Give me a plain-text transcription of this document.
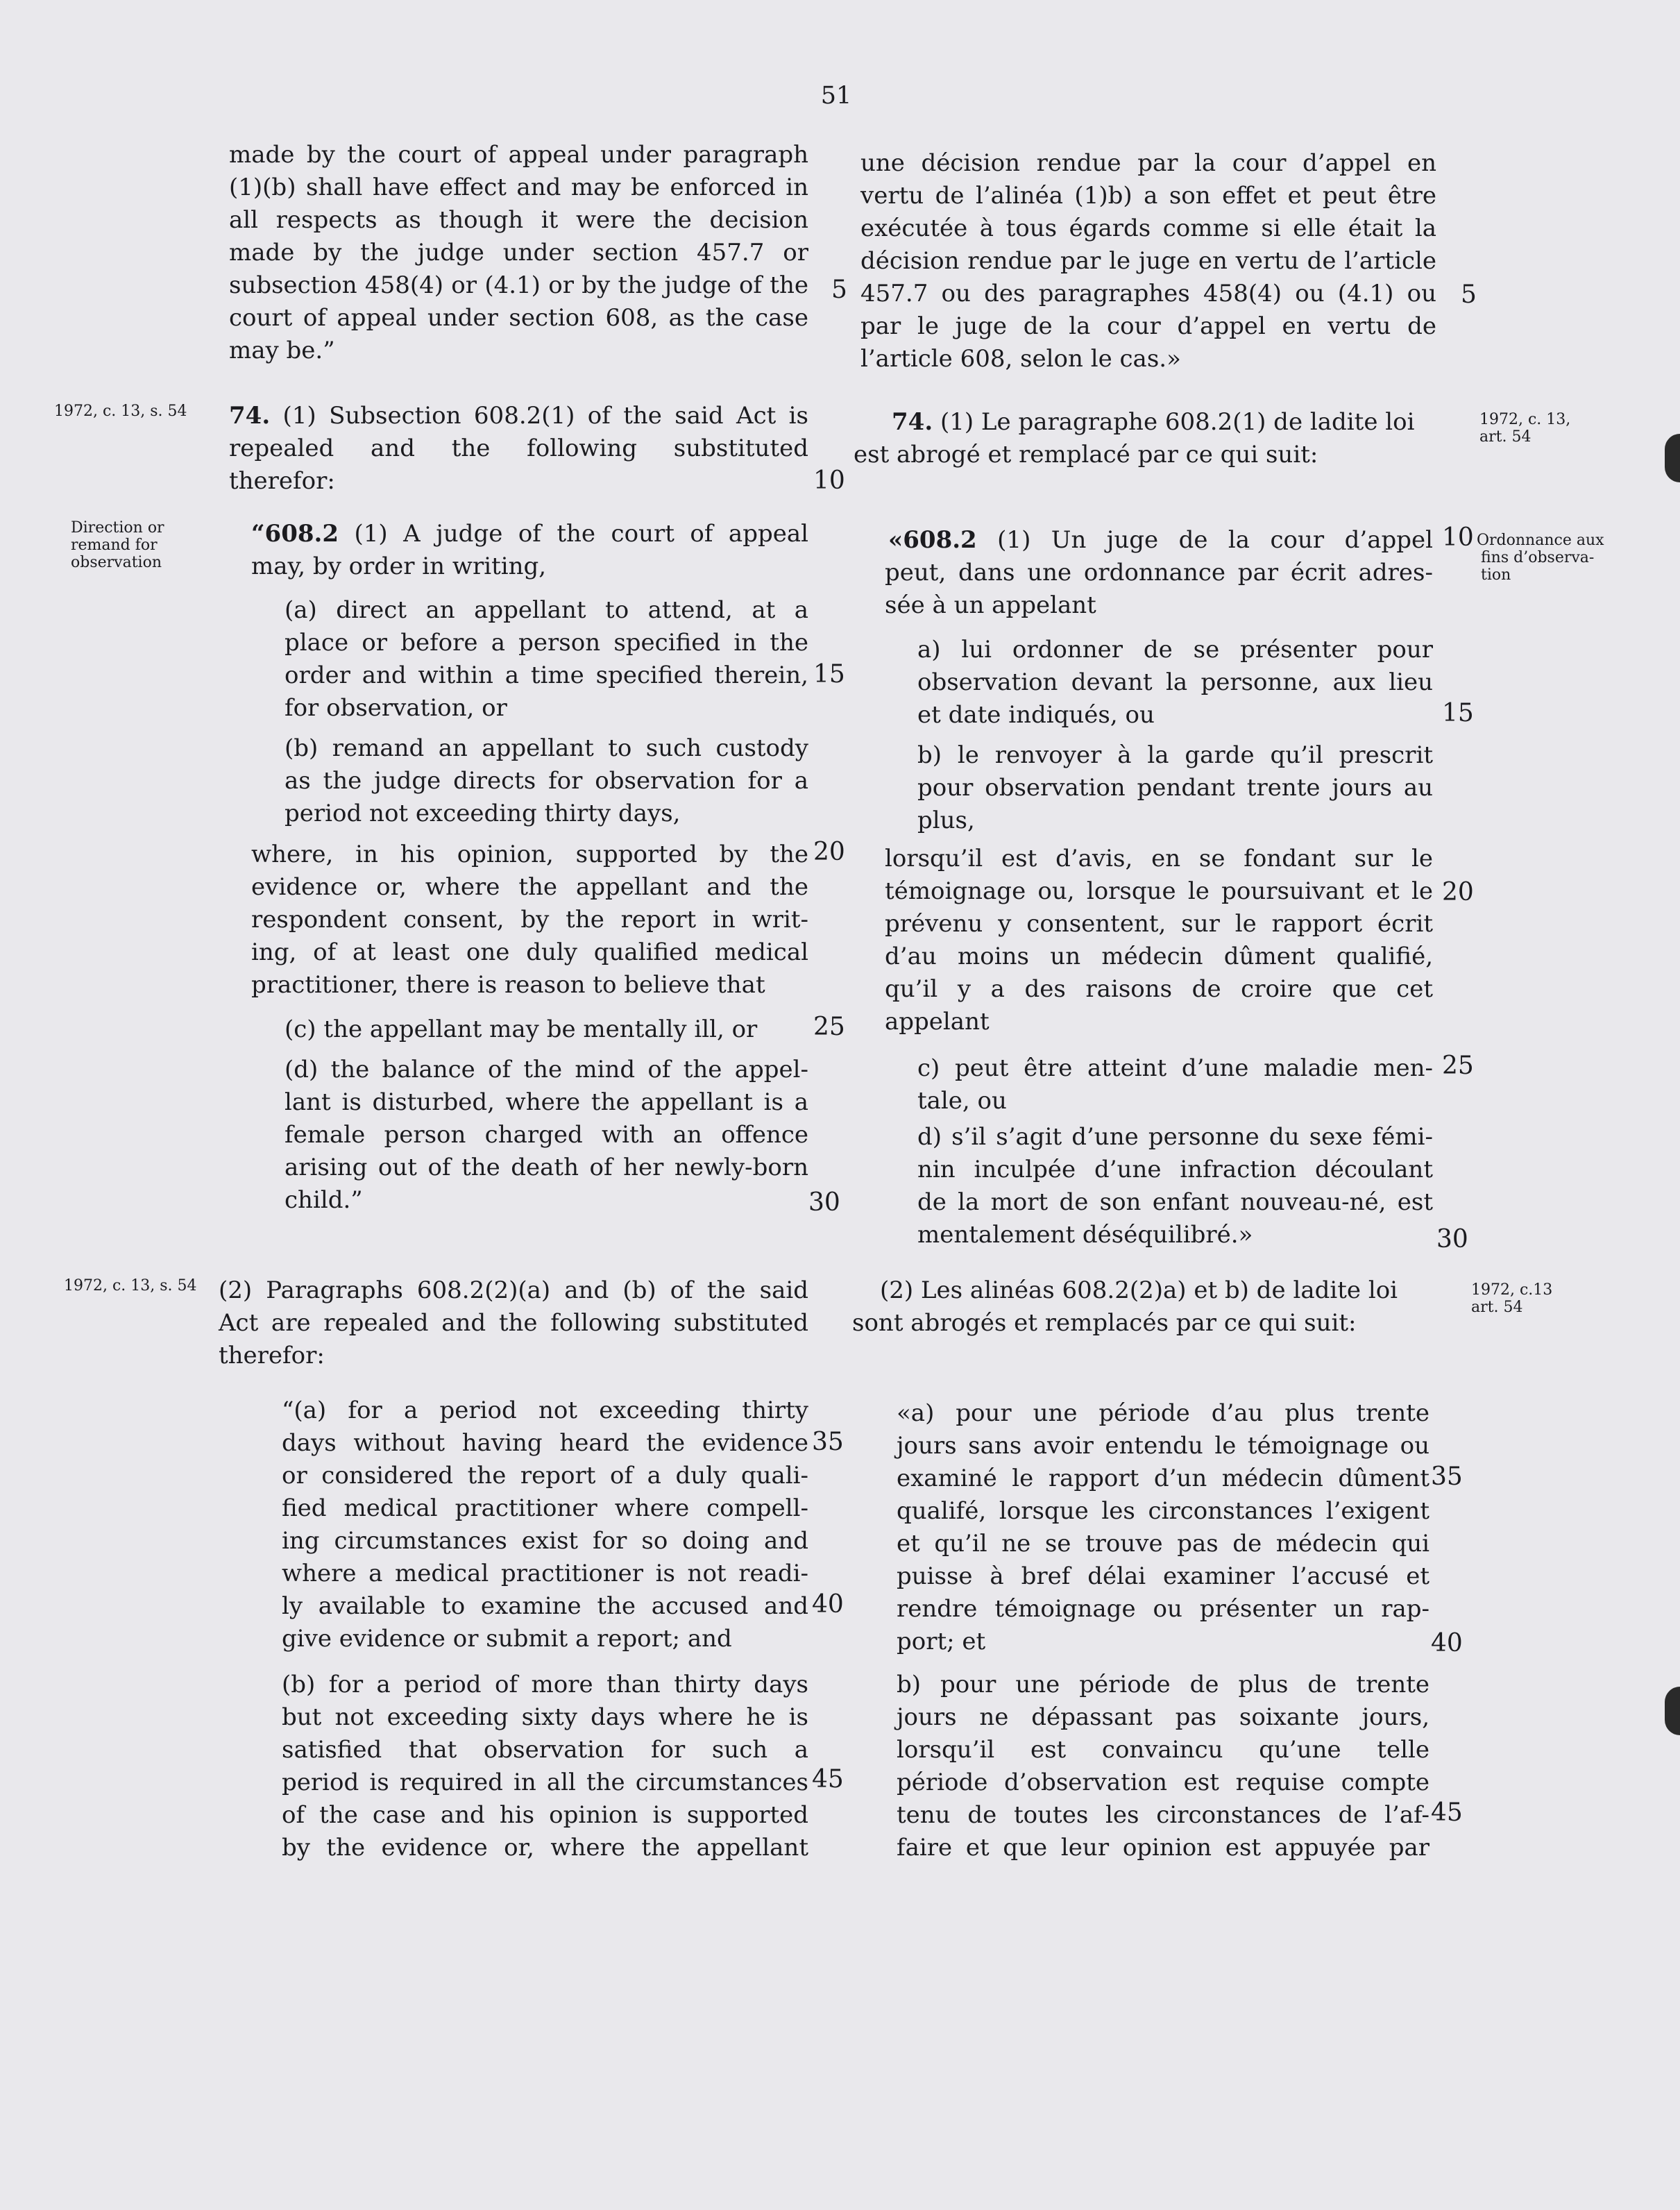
51
made by the court of appeal under paragraph
(1)(b) shall have effect and may be enforced in
all respects as though it were the decision
made by the judge under section 457.7 or
subsection 458(4) or (4.1) or by the judge of the
court of appeal under section 608, as the case
may be.”
74. (1) Subsection 608.2(1) of the said Act is
repealed and the following substituted
therefor:
“608.2 (1) A judge of the court of appeal
may, by order in writing,
(a) direct an appellant to attend, at a
place or before a person specified in the
order and within a time specified therein,
for observation, or
(b) remand an appellant to such custody
as the judge directs for observation for a
period not exceeding thirty days,
where, in his opinion, supported by the
evidence or, where the appellant and the
respondent consent, by the report in writ-
ing, of at least one duly qualified medical
practitioner, there is reason to believe that
(c) the appellant may be mentally ill, or
(d) the balance of the mind of the appel-
lant is disturbed, where the appellant is a
female person charged with an offence
arising out of the death of her newly-born
child.”
(2) Paragraphs 608.2(2)(a) and (b) of the said
Act are repealed and the following substituted
therefor:
“(a) for a period not exceeding thirty
days without having heard the evidence
or considered the report of a duly quali-
fied medical practitioner where compell-
ing circumstances exist for so doing and
where a medical practitioner is not readi-
ly available to examine the accused and
give evidence or submit a report; and
(b) for a period of more than thirty days
but not exceeding sixty days where he is
satisfied that observation for such a
period is required in all the circumstances
of the case and his opinion is supported
by the evidence or, where the appellant
5
10
15
20
25
30
35
40
45
une décision rendue par la cour d’appel en
vertu de l’alinéa (1)b) a son effet et peut être
exécutée à tous égards comme si elle était la
décision rendue par le juge en vertu de l’article
457.7 ou des paragraphes 458(4) ou (4.1) ou
par le juge de la cour d’appel en vertu de
l’article 608, selon le cas.»
74. (1) Le paragraphe 608.2(1) de ladite loi
est abrogé et remplacé par ce qui suit:
«608.2 (1) Un juge de la cour d’appel
peut, dans une ordonnance par écrit adres-
sée à un appelant
a) lui ordonner de se présenter pour
observation devant la personne, aux lieu
et date indiqués, ou
b) le renvoyer à la garde qu’il prescrit
pour observation pendant trente jours au
plus,
lorsqu’il est d’avis, en se fondant sur le
témoignage ou, lorsque le poursuivant et le
prévenu y consentent, sur le rapport écrit
d’au moins un médecin dûment qualifié,
qu’il y a des raisons de croire que cet
appelant
c) peut être atteint d’une maladie men-
tale, ou
d) s’il s’agit d’une personne du sexe fémi-
nin inculpée d’une infraction découlant
de la mort de son enfant nouveau-né, est
mentalement déséquilibré.»
(2) Les alinéas 608.2(2)a) et b) de ladite loi
sont abrogés et remplacés par ce qui suit:
«a) pour une période d’au plus trente
jours sans avoir entendu le témoignage ou
examiné le rapport d’un médecin dûment
qualifé, lorsque les circonstances l’exigent
et qu’il ne se trouve pas de médecin qui
puisse à bref délai examiner l’accusé et
rendre témoignage ou présenter un rap-
port; et
b) pour une période de plus de trente
jours ne dépassant pas soixante jours,
lorsqu’il est convaincu qu’une telle
période d’observation est requise compte
tenu de toutes les circonstances de l’af-
faire et que leur opinion est appuyée par
5
10
15
20
25
30
35
40
45
1972, c. 13, s. 54
Direction or
remand for
observation
1972, c. 13, s. 54
1972, c. 13,
art. 54
Ordonnance aux
fins d’observa-
tion
1972, c.13
art. 54
